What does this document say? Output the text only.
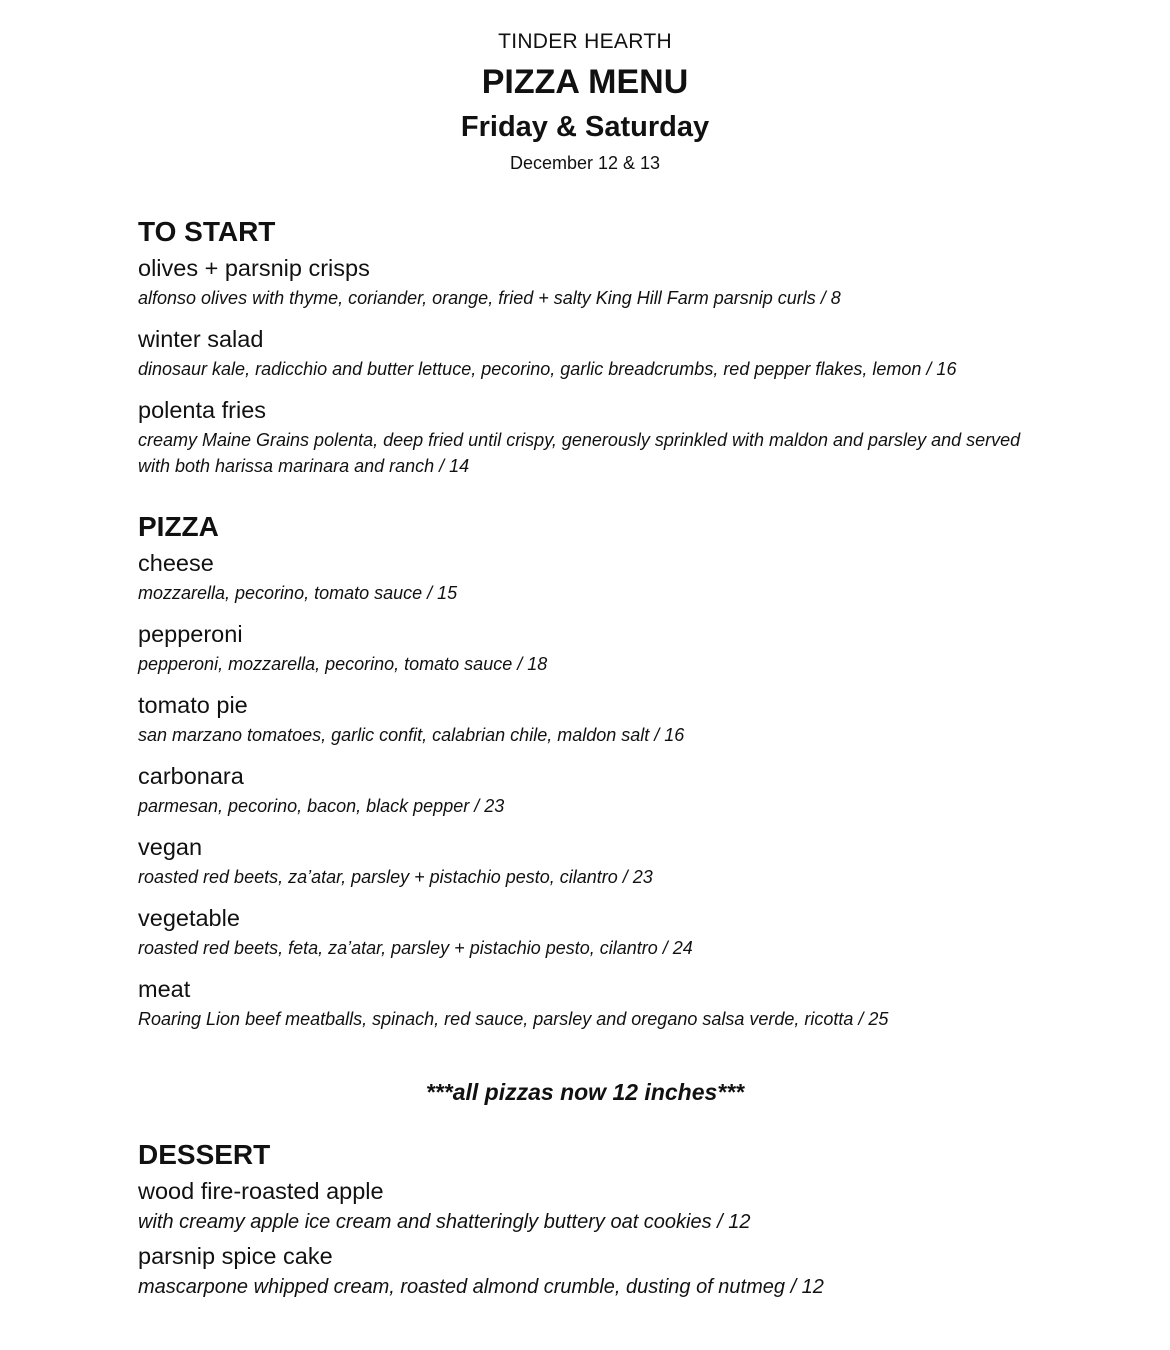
TINDER HEARTH
PIZZA MENU
Friday & Saturday
December 12 & 13
TO START
olives + parsnip crisps
alfonso olives with thyme, coriander, orange, fried + salty King Hill Farm parsnip curls / 8
winter salad
dinosaur kale, radicchio and butter lettuce, pecorino, garlic breadcrumbs, red pepper flakes, lemon / 16
polenta fries
creamy Maine Grains polenta, deep fried until crispy, generously sprinkled with maldon and parsley and served with both harissa marinara and ranch / 14
PIZZA
cheese
mozzarella, pecorino, tomato sauce / 15
pepperoni
pepperoni, mozzarella, pecorino, tomato sauce / 18
tomato pie
san marzano tomatoes, garlic confit, calabrian chile, maldon salt / 16
carbonara
parmesan, pecorino, bacon, black pepper / 23
vegan
roasted red beets, za’atar, parsley + pistachio pesto, cilantro / 23
vegetable
roasted red beets, feta, za’atar, parsley + pistachio pesto, cilantro / 24
meat
Roaring Lion beef meatballs, spinach, red sauce, parsley and oregano salsa verde, ricotta / 25
***all pizzas now 12 inches***
DESSERT
wood fire-roasted apple
with creamy apple ice cream and shatteringly buttery oat cookies / 12
parsnip spice cake
mascarpone whipped cream, roasted almond crumble, dusting of nutmeg / 12
